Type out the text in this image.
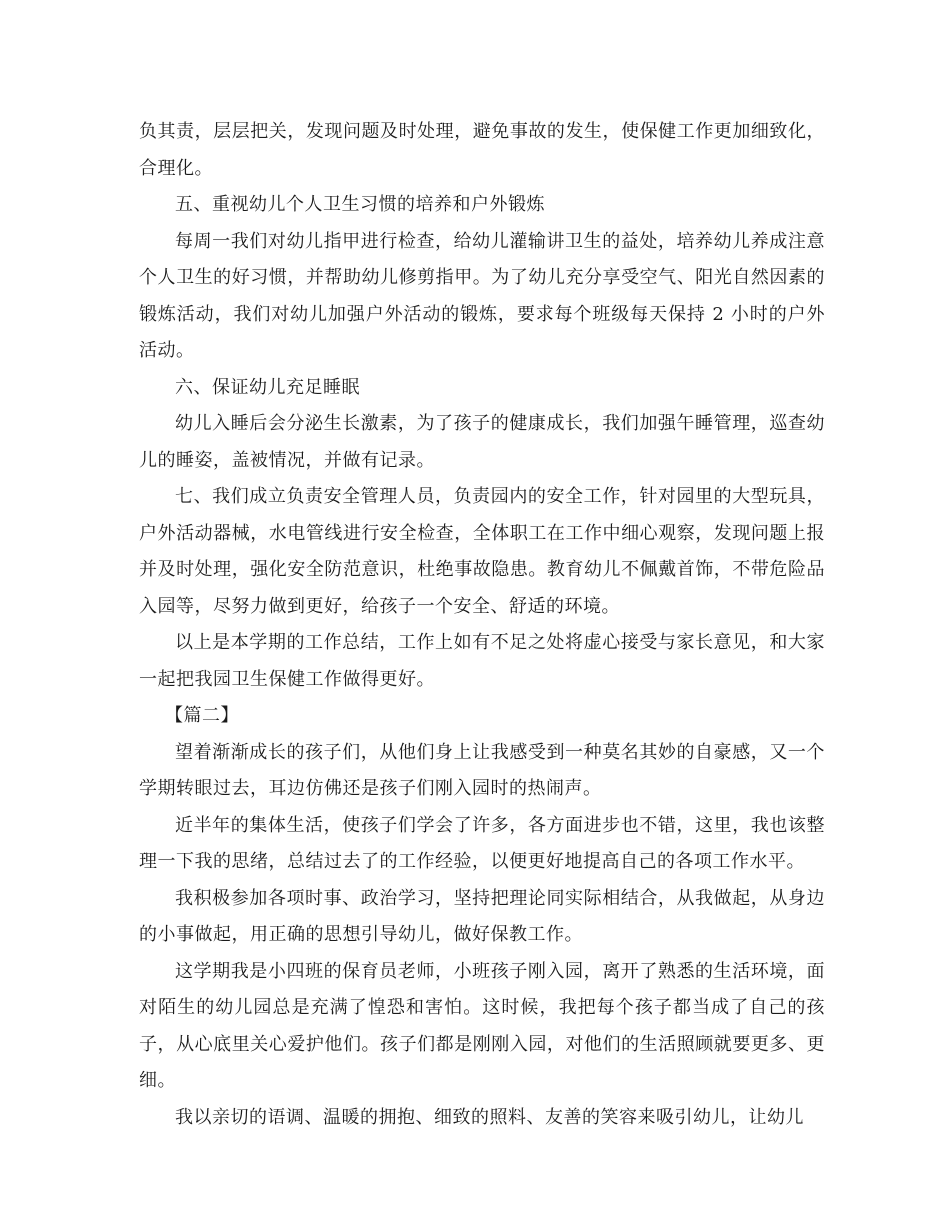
负其责，层层把关，发现问题及时处理，避免事故的发生，使保健工作更加细致化，合理化。

五、重视幼儿个人卫生习惯的培养和户外锻炼

每周一我们对幼儿指甲进行检查，给幼儿灌输讲卫生的益处，培养幼儿养成注意个人卫生的好习惯，并帮助幼儿修剪指甲。为了幼儿充分享受空气、阳光自然因素的锻炼活动，我们对幼儿加强户外活动的锻炼，要求每个班级每天保持 2 小时的户外活动。

六、保证幼儿充足睡眠

幼儿入睡后会分泌生长激素，为了孩子的健康成长，我们加强午睡管理，巡查幼儿的睡姿，盖被情况，并做有记录。

七、我们成立负责安全管理人员，负责园内的安全工作，针对园里的大型玩具，户外活动器械，水电管线进行安全检查，全体职工在工作中细心观察，发现问题上报并及时处理，强化安全防范意识，杜绝事故隐患。教育幼儿不佩戴首饰，不带危险品入园等，尽努力做到更好，给孩子一个安全、舒适的环境。

以上是本学期的工作总结，工作上如有不足之处将虚心接受与家长意见，和大家一起把我园卫生保健工作做得更好。

【篇二】

望着渐渐成长的孩子们，从他们身上让我感受到一种莫名其妙的自豪感，又一个学期转眼过去，耳边仿佛还是孩子们刚入园时的热闹声。

近半年的集体生活，使孩子们学会了许多，各方面进步也不错，这里，我也该整理一下我的思绪，总结过去了的工作经验，以便更好地提高自己的各项工作水平。

我积极参加各项时事、政治学习，坚持把理论同实际相结合，从我做起，从身边的小事做起，用正确的思想引导幼儿，做好保教工作。

这学期我是小四班的保育员老师，小班孩子刚入园，离开了熟悉的生活环境，面对陌生的幼儿园总是充满了惶恐和害怕。这时候，我把每个孩子都当成了自己的孩子，从心底里关心爱护他们。孩子们都是刚刚入园，对他们的生活照顾就要更多、更细。

我以亲切的语调、温暖的拥抱、细致的照料、友善的笑容来吸引幼儿，让幼儿
